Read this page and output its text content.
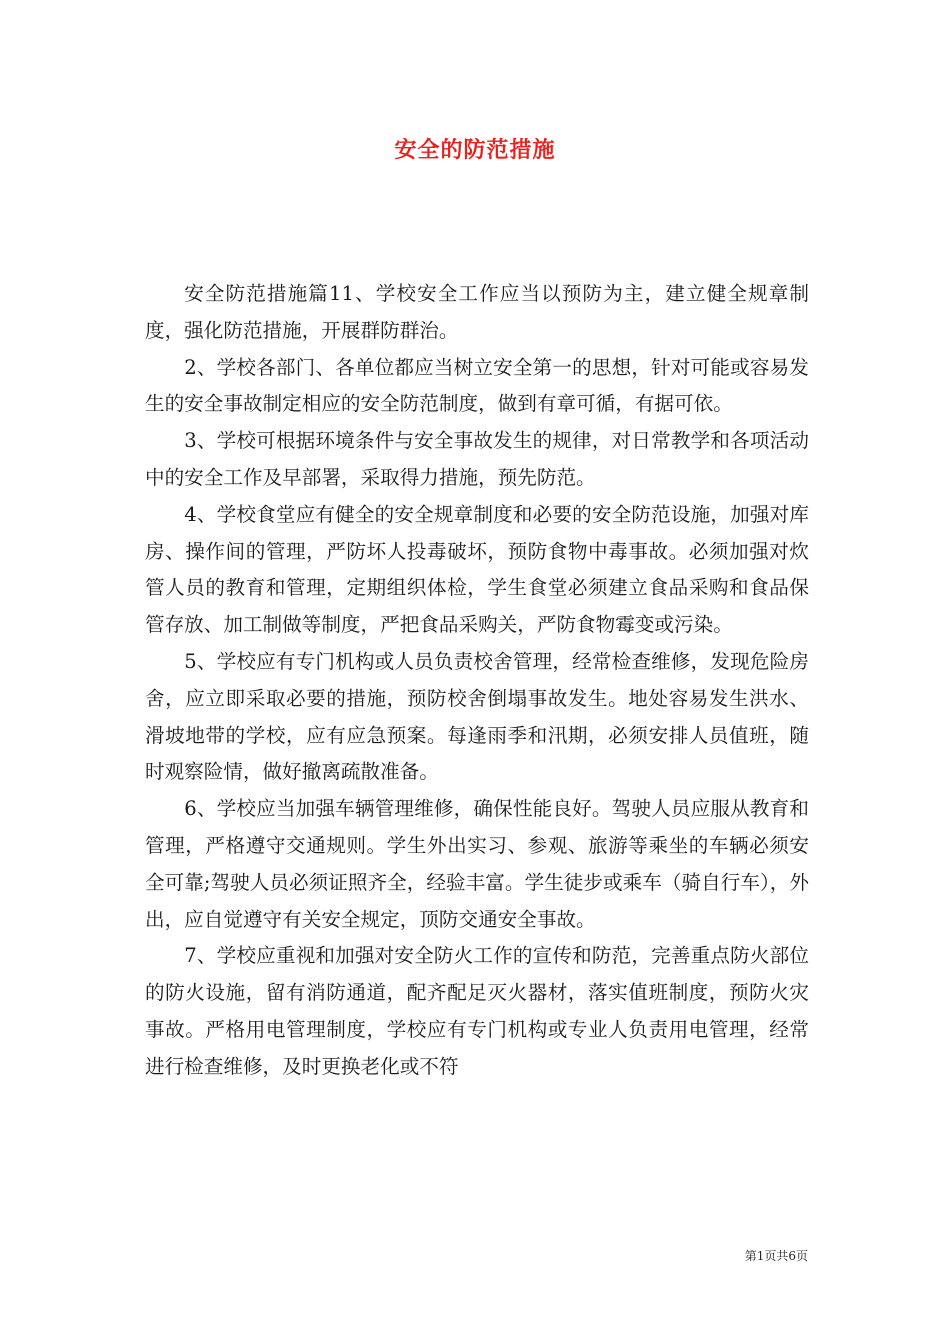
安全的防范措施

安全防范措施篇11、学校安全工作应当以预防为主，建立健全规章制度，强化防范措施，开展群防群治。

2、学校各部门、各单位都应当树立安全第一的思想，针对可能或容易发生的安全事故制定相应的安全防范制度，做到有章可循，有据可依。

3、学校可根据环境条件与安全事故发生的规律，对日常教学和各项活动中的安全工作及早部署，采取得力措施，预先防范。

4、学校食堂应有健全的安全规章制度和必要的安全防范设施，加强对库房、操作间的管理，严防坏人投毒破坏，预防食物中毒事故。必须加强对炊管人员的教育和管理，定期组织体检，学生食堂必须建立食品采购和食品保管存放、加工制做等制度，严把食品采购关，严防食物霉变或污染。

5、学校应有专门机构或人员负责校舍管理，经常检查维修，发现危险房舍，应立即采取必要的措施，预防校舍倒塌事故发生。地处容易发生洪水、滑坡地带的学校，应有应急预案。每逢雨季和汛期，必须安排人员值班，随时观察险情，做好撤离疏散准备。

6、学校应当加强车辆管理维修，确保性能良好。驾驶人员应服从教育和管理，严格遵守交通规则。学生外出实习、参观、旅游等乘坐的车辆必须安全可靠;驾驶人员必须证照齐全，经验丰富。学生徒步或乘车（骑自行车），外出，应自觉遵守有关安全规定，顶防交通安全事故。

7、学校应重视和加强对安全防火工作的宣传和防范，完善重点防火部位的防火设施，留有消防通道，配齐配足灭火器材，落实值班制度，预防火灾事故。严格用电管理制度，学校应有专门机构或专业人负责用电管理，经常进行检查维修，及时更换老化或不符

第1页共6页
